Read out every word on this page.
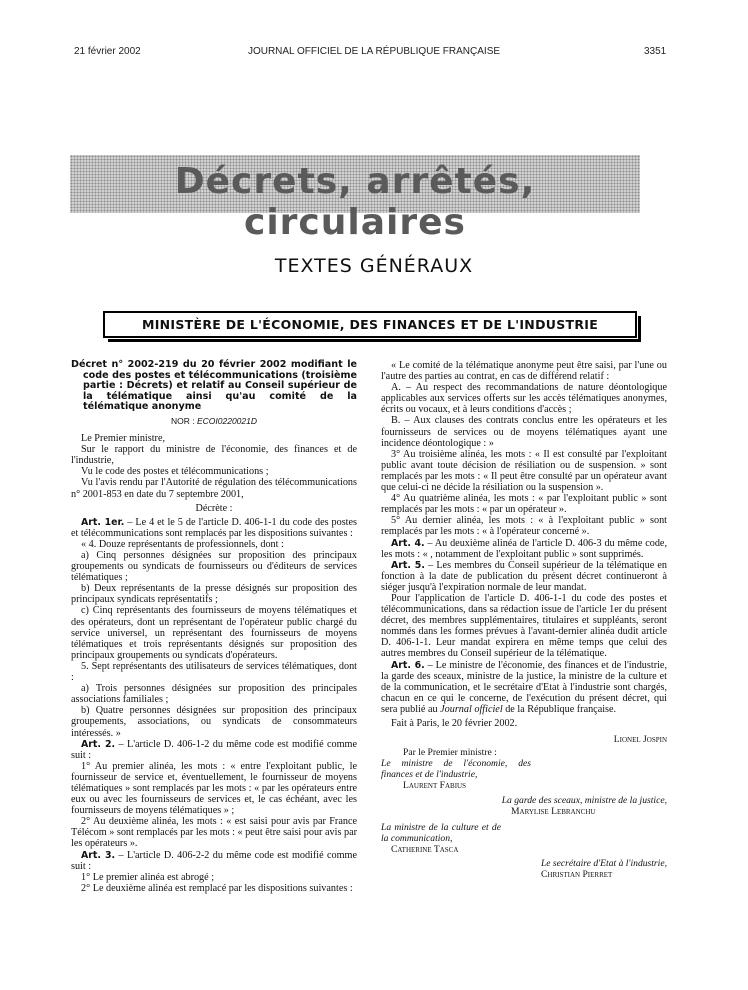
21 février 2002	JOURNAL OFFICIEL DE LA RÉPUBLIQUE FRANÇAISE	3351
Décrets, arrêtés, circulaires
TEXTES GÉNÉRAUX
MINISTÈRE DE L'ÉCONOMIE, DES FINANCES ET DE L'INDUSTRIE
Décret n° 2002-219 du 20 février 2002 modifiant le code des postes et télécommunications (troisième partie : Décrets) et relatif au Conseil supérieur de la télématique ainsi qu'au comité de la télématique anonyme
NOR : ECOI0220021D

Le Premier ministre,

Sur le rapport du ministre de l'économie, des finances et de l'industrie,

Vu le code des postes et télécommunications ;

Vu l'avis rendu par l'Autorité de régulation des télécommunications n° 2001-853 en date du 7 septembre 2001,

Décrète :

Art. 1er. – Le 4 et le 5 de l'article D. 406-1-1 du code des postes et télécommunications sont remplacés par les dispositions suivantes :

« 4. Douze représentants de professionnels, dont :

a) Cinq personnes désignées sur proposition des principaux groupements ou syndicats de fournisseurs ou d'éditeurs de services télématiques ;

b) Deux représentants de la presse désignés sur proposition des principaux syndicats représentatifs ;

c) Cinq représentants des fournisseurs de moyens télématiques et des opérateurs, dont un représentant de l'opérateur public chargé du service universel, un représentant des fournisseurs de moyens télématiques et trois représentants désignés sur proposition des principaux groupements ou syndicats d'opérateurs.

5. Sept représentants des utilisateurs de services télématiques, dont :

a) Trois personnes désignées sur proposition des principales associations familiales ;

b) Quatre personnes désignées sur proposition des principaux groupements, associations, ou syndicats de consommateurs intéressés. »

Art. 2. – L'article D. 406-1-2 du même code est modifié comme suit :

1° Au premier alinéa, les mots : « entre l'exploitant public, le fournisseur de service et, éventuellement, le fournisseur de moyens télématiques » sont remplacés par les mots : « par les opérateurs entre eux ou avec les fournisseurs de services et, le cas échéant, avec les fournisseurs de moyens télématiques » ;

2° Au deuxième alinéa, les mots : « est saisi pour avis par France Télécom » sont remplacés par les mots : « peut être saisi pour avis par les opérateurs ».

Art. 3. – L'article D. 406-2-2 du même code est modifié comme suit :

1° Le premier alinéa est abrogé ;

2° Le deuxième alinéa est remplacé par les dispositions suivantes :

« Le comité de la télématique anonyme peut être saisi, par l'une ou l'autre des parties au contrat, en cas de différend relatif :

A. – Au respect des recommandations de nature déontologique applicables aux services offerts sur les accès télématiques anonymes, écrits ou vocaux, et à leurs conditions d'accès ;

B. – Aux clauses des contrats conclus entre les opérateurs et les fournisseurs de services ou de moyens télématiques ayant une incidence déontologique : »

3° Au troisième alinéa, les mots : « Il est consulté par l'exploitant public avant toute décision de résiliation ou de suspension. » sont remplacés par les mots : « Il peut être consulté par un opérateur avant que celui-ci ne décide la résiliation ou la suspension ».

4° Au quatrième alinéa, les mots : « par l'exploitant public » sont remplacés par les mots : « par un opérateur ».

5° Au dernier alinéa, les mots : « à l'exploitant public » sont remplacés par les mots : « à l'opérateur concerné ».

Art. 4. – Au deuxième alinéa de l'article D. 406-3 du même code, les mots : « , notamment de l'exploitant public » sont supprimés.

Art. 5. – Les membres du Conseil supérieur de la télématique en fonction à la date de publication du présent décret continueront à siéger jusqu'à l'expiration normale de leur mandat.

Pour l'application de l'article D. 406-1-1 du code des postes et télécommunications, dans sa rédaction issue de l'article 1er du présent décret, des membres supplémentaires, titulaires et suppléants, seront nommés dans les formes prévues à l'avant-dernier alinéa dudit article D. 406-1-1. Leur mandat expirera en même temps que celui des autres membres du Conseil supérieur de la télématique.

Art. 6. – Le ministre de l'économie, des finances et de l'industrie, la garde des sceaux, ministre de la justice, la ministre de la culture et de la communication, et le secrétaire d'Etat à l'industrie sont chargés, chacun en ce qui le concerne, de l'exécution du présent décret, qui sera publié au Journal officiel de la République française.

Fait à Paris, le 20 février 2002.

Lionel Jospin
Par le Premier ministre :
Le ministre de l'économie, des finances et de l'industrie,
Laurent Fabius
La garde des sceaux, ministre de la justice,
Marylise Lebranchu
La ministre de la culture et de la communication,
Catherine Tasca
Le secrétaire d'Etat à l'industrie,
Christian Pierret
